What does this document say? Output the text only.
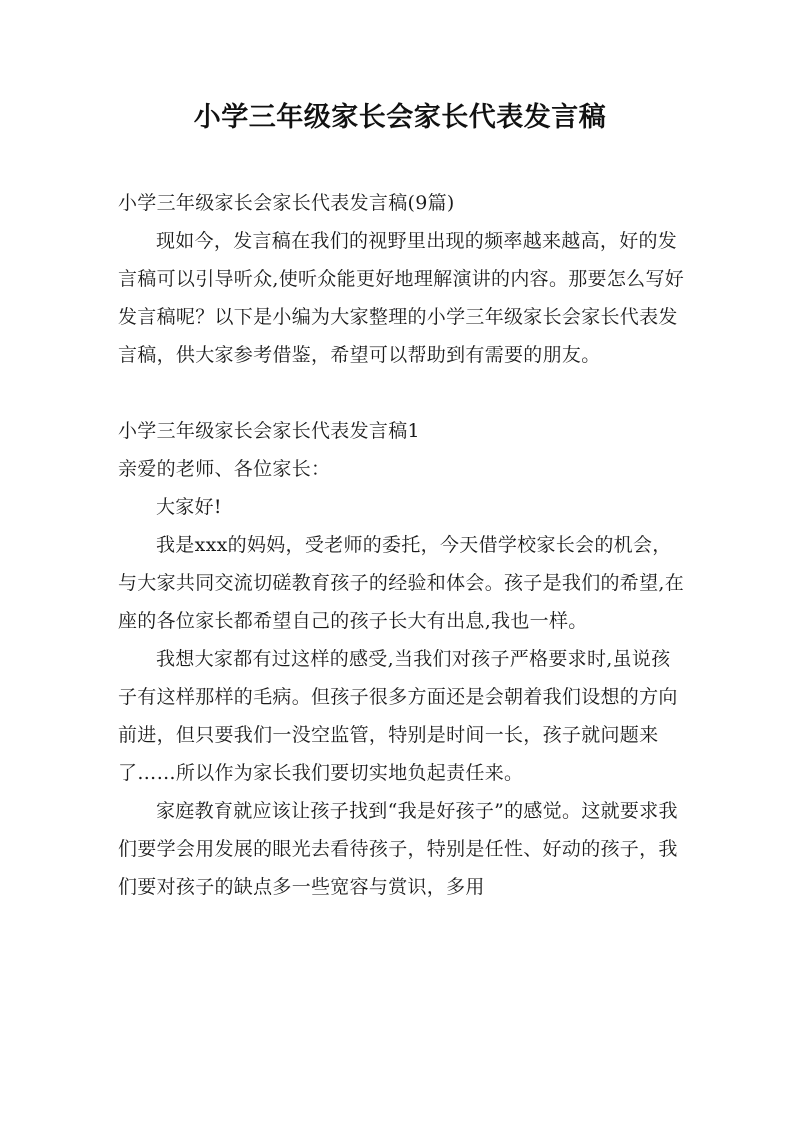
小学三年级家长会家长代表发言稿

小学三年级家长会家长代表发言稿(9篇)

现如今，发言稿在我们的视野里出现的频率越来越高，好的发言稿可以引导听众,使听众能更好地理解演讲的内容。那要怎么写好发言稿呢？以下是小编为大家整理的小学三年级家长会家长代表发言稿，供大家参考借鉴，希望可以帮助到有需要的朋友。

小学三年级家长会家长代表发言稿1

亲爱的老师、各位家长：

大家好!

我是xxx的妈妈，受老师的委托，今天借学校家长会的机会，与大家共同交流切磋教育孩子的经验和体会。孩子是我们的希望,在座的各位家长都希望自己的孩子长大有出息,我也一样。

我想大家都有过这样的感受,当我们对孩子严格要求时,虽说孩子有这样那样的毛病。但孩子很多方面还是会朝着我们设想的方向前进，但只要我们一没空监管，特别是时间一长，孩子就问题来了……所以作为家长我们要切实地负起责任来。

家庭教育就应该让孩子找到“我是好孩子”的感觉。这就要求我们要学会用发展的眼光去看待孩子，特别是任性、好动的孩子，我们要对孩子的缺点多一些宽容与赏识，多用
